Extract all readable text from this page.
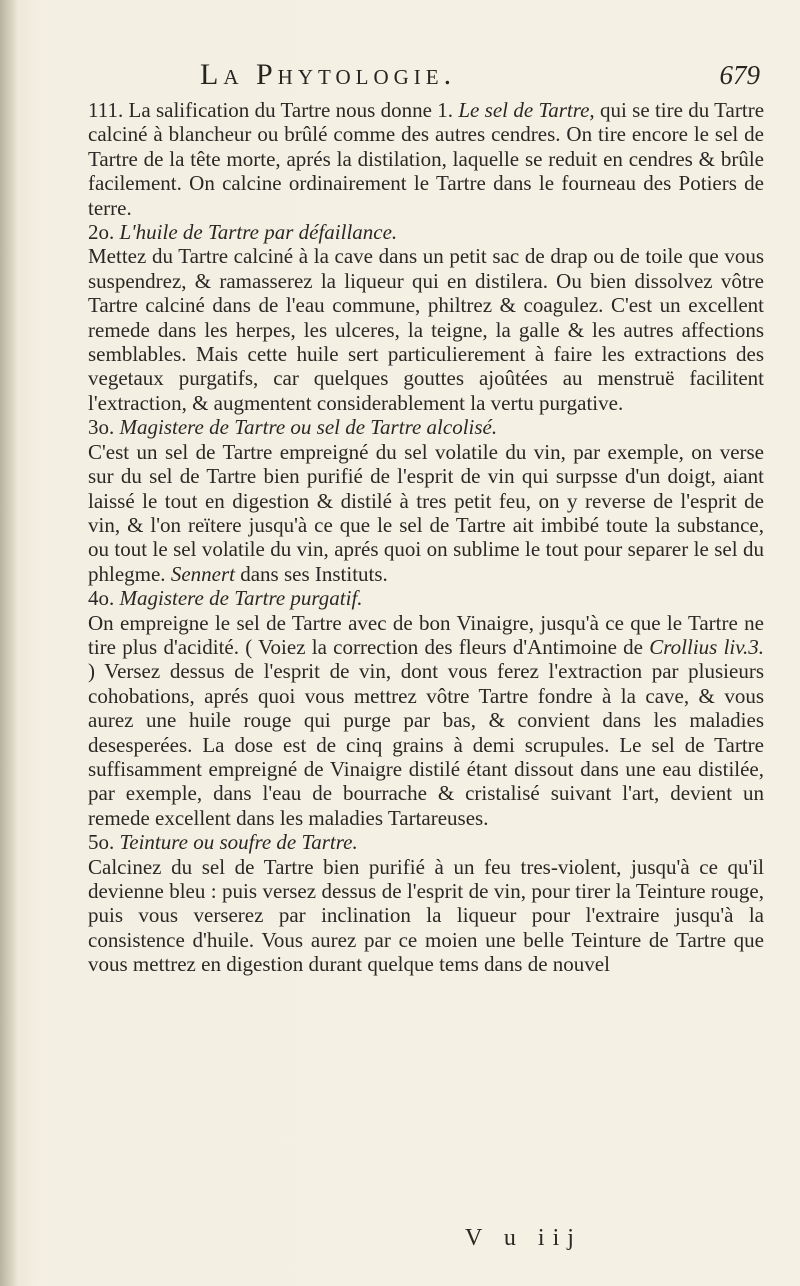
La Phytologie.	679

111. La salification du Tartre nous donne 1. Le sel de Tartre, qui se tire du Tartre calciné à blancheur ou brûlé comme des autres cendres. On tire encore le sel de Tartre de la tête morte, aprés la distilation, laquelle se reduit en cendres & brûle facilement. On calcine ordinairement le Tartre dans le fourneau des Potiers de terre.

2o. L'huile de Tartre par défaillance.

Mettez du Tartre calciné à la cave dans un petit sac de drap ou de toile que vous suspendrez, & ramasserez la liqueur qui en distilera. Ou bien dissolvez vôtre Tartre calciné dans de l'eau commune, philtrez & coagulez. C'est un excellent remede dans les herpes, les ulceres, la teigne, la galle & les autres affections semblables. Mais cette huile sert particulierement à faire les extractions des vegetaux purgatifs, car quelques gouttes ajoûtées au menstruë facilitent l'extraction, & augmentent considerablement la vertu purgative.

3o. Magistere de Tartre ou sel de Tartre alcolisé.

C'est un sel de Tartre empreigné du sel volatile du vin, par exemple, on verse sur du sel de Tartre bien purifié de l'esprit de vin qui surpsse d'un doigt, aiant laissé le tout en digestion & distilé à tres petit feu, on y reverse de l'esprit de vin, & l'on reïtere jusqu'à ce que le sel de Tartre ait imbibé toute la substance, ou tout le sel volatile du vin, aprés quoi on sublime le tout pour separer le sel du phlegme. Sennert dans ses Instituts.

4o. Magistere de Tartre purgatif.

On empreigne le sel de Tartre avec de bon Vinaigre, jusqu'à ce que le Tartre ne tire plus d'acidité. ( Voiez la correction des fleurs d'Antimoine de Crollius liv.3. ) Versez dessus de l'esprit de vin, dont vous ferez l'extraction par plusieurs cohobations, aprés quoi vous mettrez vôtre Tartre fondre à la cave, & vous aurez une huile rouge qui purge par bas, & convient dans les maladies desesperées. La dose est de cinq grains à demi scrupules. Le sel de Tartre suffisamment empreigné de Vinaigre distilé étant dissout dans une eau distilée, par exemple, dans l'eau de bourrache & cristalisé suivant l'art, devient un remede excellent dans les maladies Tartareuses.

5o. Teinture ou soufre de Tartre.

Calcinez du sel de Tartre bien purifié à un feu tres-violent, jusqu'à ce qu'il devienne bleu : puis versez dessus de l'esprit de vin, pour tirer la Teinture rouge, puis vous verserez par inclination la liqueur pour l'extraire jusqu'à la consistence d'huile. Vous aurez par ce moien une belle Teinture de Tartre que vous mettrez en digestion durant quelque tems dans de nouvel

V u iij
